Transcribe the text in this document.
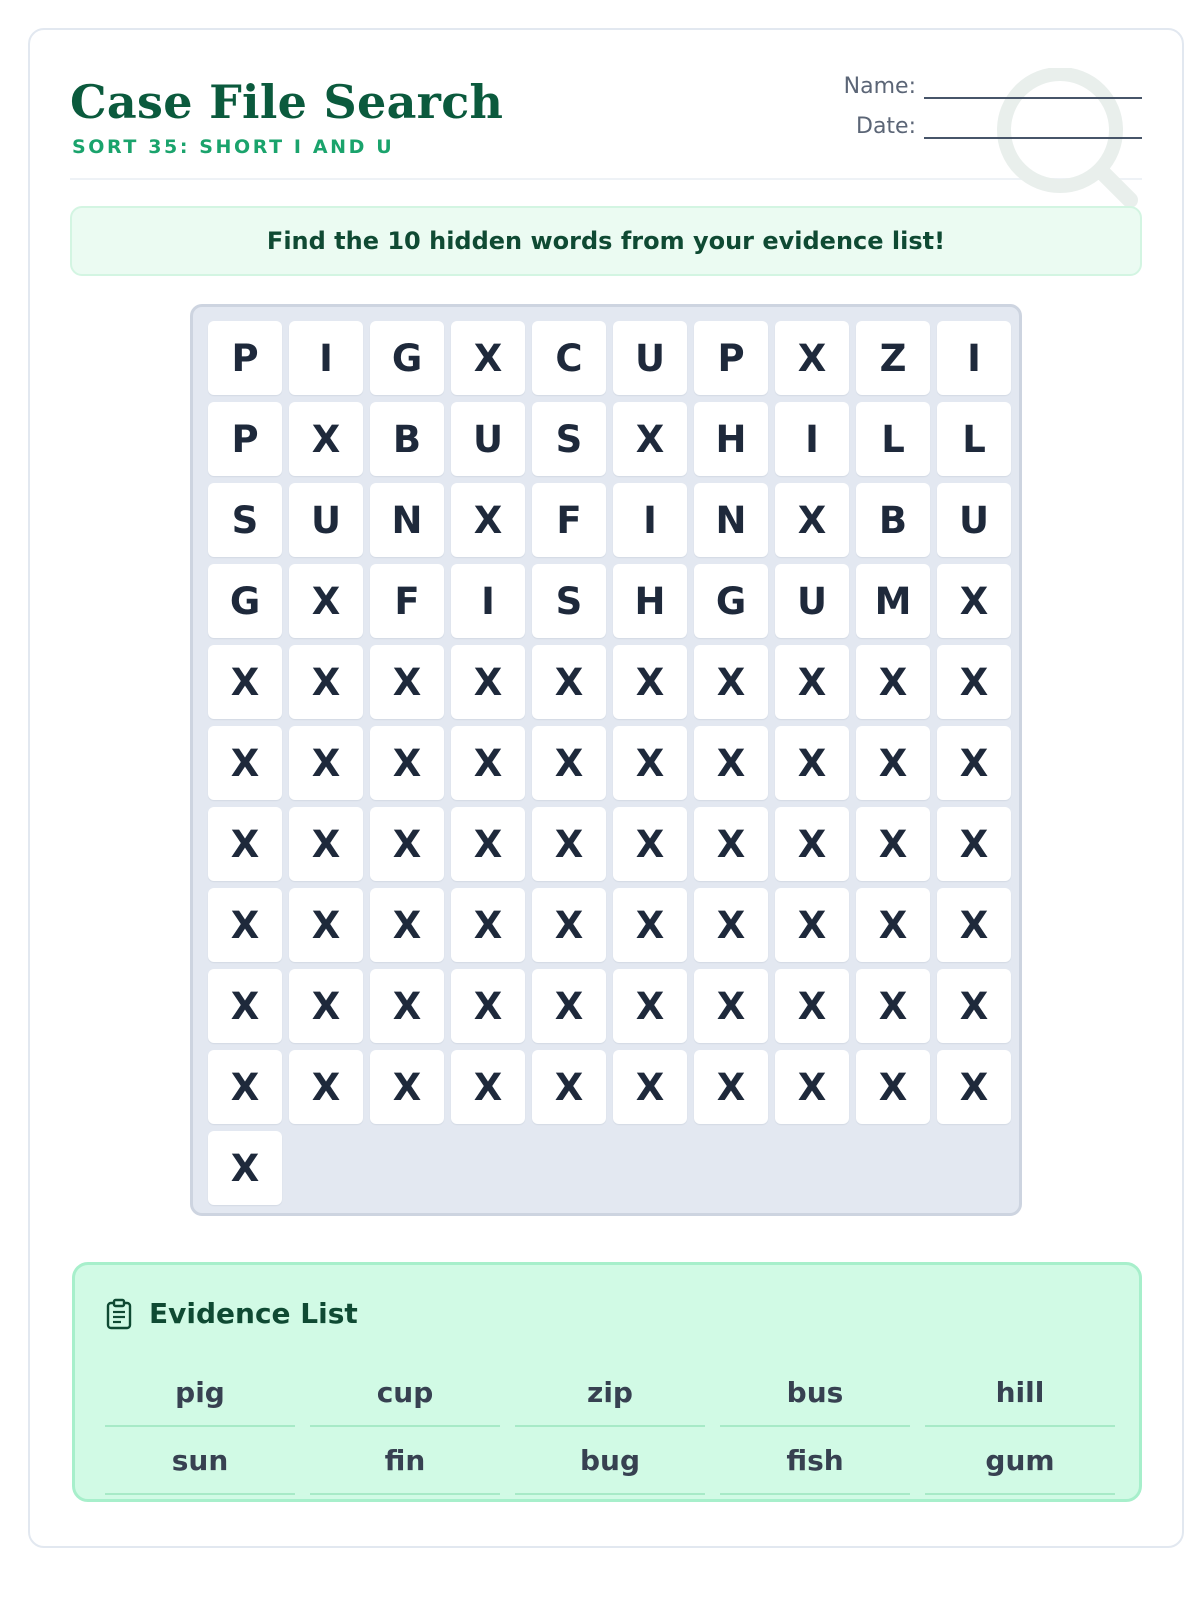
Case File Search
SORT 35: SHORT I AND U
Name:
Date:
Find the 10 hidden words from your evidence list!
P	I	G	X	C	U	P	X	Z	I
P	X	B	U	S	X	H	I	L	L
S	U	N	X	F	I	N	X	B	U
G	X	F	I	S	H	G	U	M	X
X	X	X	X	X	X	X	X	X	X
X	X	X	X	X	X	X	X	X	X
X	X	X	X	X	X	X	X	X	X
X	X	X	X	X	X	X	X	X	X
X	X	X	X	X	X	X	X	X	X
X	X	X	X	X	X	X	X	X	X
X
Evidence List
pig	cup	zip	bus	hill
sun	fin	bug	fish	gum
